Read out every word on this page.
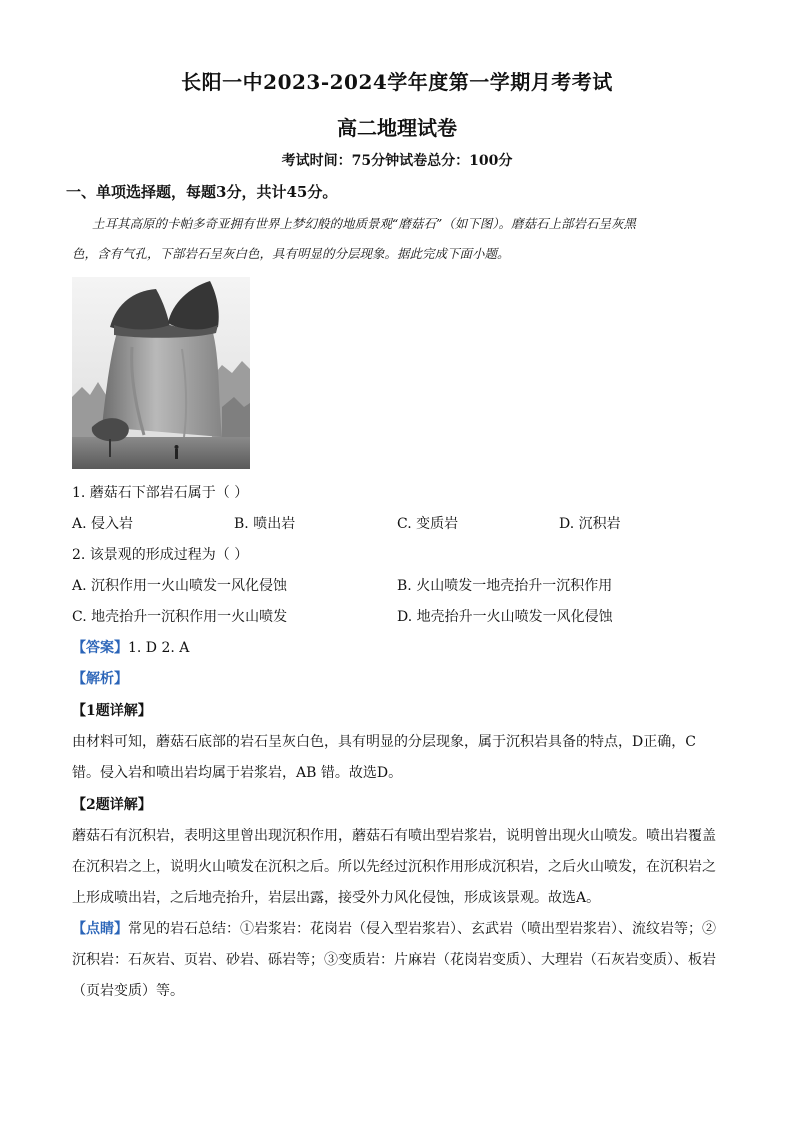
长阳一中2023-2024学年度第一学期月考考试
高二地理试卷
考试时间：75分钟试卷总分：100分
一、单项选择题，每题3分，共计45分。
土耳其高原的卡帕多奇亚拥有世界上梦幻般的地质景观“磨菇石”（如下图）。磨菇石上部岩石呈灰黑
色，含有气孔，下部岩石呈灰白色，具有明显的分层现象。据此完成下面小题。
1. 蘑菇石下部岩石属于（ ）
A. 侵入岩	B. 喷出岩	C. 变质岩	D. 沉积岩
2. 该景观的形成过程为（ ）
A. 沉积作用一火山喷发一风化侵蚀	B. 火山喷发一地壳抬升一沉积作用
C. 地壳抬升一沉积作用一火山喷发	D. 地壳抬升一火山喷发一风化侵蚀
【答案】1. D 2. A
【解析】
【1题详解】
由材料可知，蘑菇石底部的岩石呈灰白色，具有明显的分层现象，属于沉积岩具备的特点，D正确，C
错。侵入岩和喷出岩均属于岩浆岩，AB 错。故选D。
【2题详解】
蘑菇石有沉积岩，表明这里曾出现沉积作用，蘑菇石有喷出型岩浆岩，说明曾出现火山喷发。喷出岩覆盖
在沉积岩之上，说明火山喷发在沉积之后。所以先经过沉积作用形成沉积岩，之后火山喷发，在沉积岩之
上形成喷出岩，之后地壳抬升，岩层出露，接受外力风化侵蚀，形成该景观。故选A。
【点睛】常见的岩石总结：①岩浆岩：花岗岩（侵入型岩浆岩）、玄武岩（喷出型岩浆岩）、流纹岩等；②
沉积岩：石灰岩、页岩、砂岩、砾岩等；③变质岩：片麻岩（花岗岩变质）、大理岩（石灰岩变质）、板岩
（页岩变质）等。
